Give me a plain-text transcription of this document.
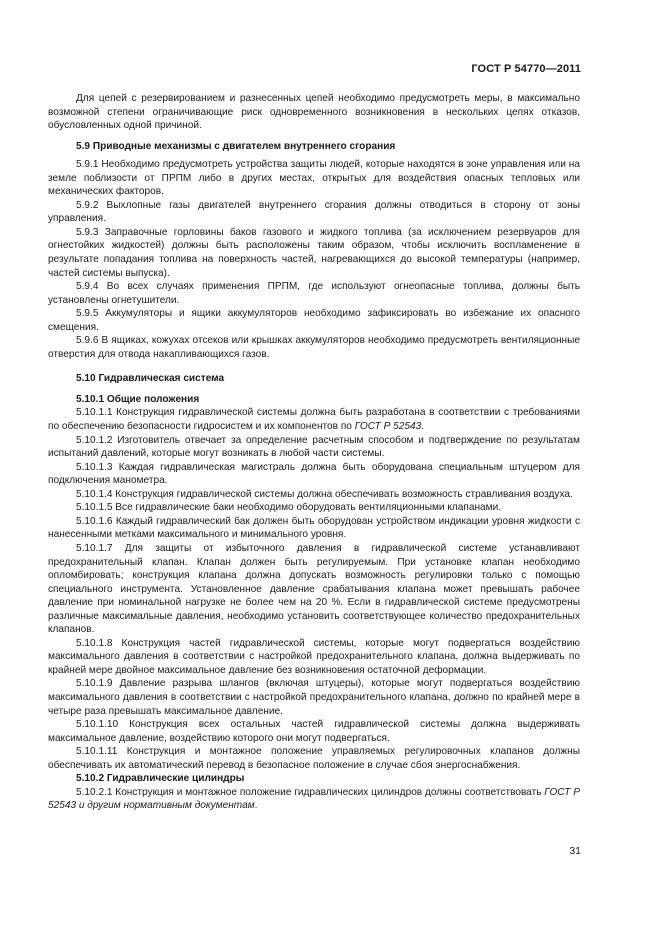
ГОСТ Р 54770—2011

Для цепей с резервированием и разнесенных цепей необходимо предусмотреть меры, в максимально возможной степени ограничивающие риск одновременного возникновения в нескольких цепях отказов, обусловленных одной причиной.

5.9 Приводные механизмы с двигателем внутреннего сгорания

5.9.1 Необходимо предусмотреть устройства защиты людей, которые находятся в зоне управления или на земле поблизости от ПРПМ либо в других местах, открытых для воздействия опасных тепловых или механических факторов.

5.9.2 Выхлопные газы двигателей внутреннего сгорания должны отводиться в сторону от зоны управления.

5.9.3 Заправочные горловины баков газового и жидкого топлива (за исключением резервуаров для огнестойких жидкостей) должны быть расположены таким образом, чтобы исключить воспламенение в результате попадания топлива на поверхность частей, нагревающихся до высокой температуры (например, частей системы выпуска).

5.9.4 Во всех случаях применения ПРПМ, где используют огнеопасные топлива, должны быть установлены огнетушители.

5.9.5 Аккумуляторы и ящики аккумуляторов необходимо зафиксировать во избежание их опасного смещения.

5.9.6 В ящиках, кожухах отсеков или крышках аккумуляторов необходимо предусмотреть вентиляционные отверстия для отвода накапливающихся газов.

5.10 Гидравлическая система
5.10.1 Общие положения

5.10.1.1 Конструкция гидравлической системы должна быть разработана в соответствии с требованиями по обеспечению безопасности гидросистем и их компонентов по ГОСТ Р 52543.

5.10.1.2 Изготовитель отвечает за определение расчетным способом и подтверждение по результатам испытаний давлений, которые могут возникать в любой части системы.

5.10.1.3 Каждая гидравлическая магистраль должна быть оборудована специальным штуцером для подключения манометра.

5.10.1.4 Конструкция гидравлической системы должна обеспечивать возможность стравливания воздуха.

5.10.1.5 Все гидравлические баки необходимо оборудовать вентиляционными клапанами.

5.10.1.6 Каждый гидравлический бак должен быть оборудован устройством индикации уровня жидкости с нанесенными метками максимального и минимального уровня.

5.10.1.7 Для защиты от избыточного давления в гидравлической системе устанавливают предохранительный клапан. Клапан должен быть регулируемым. При установке клапан необходимо опломбировать; конструкция клапана должна допускать возможность регулировки только с помощью специального инструмента. Установленное давление срабатывания клапана может превышать рабочее давление при номинальной нагрузке не более чем на 20 %. Если в гидравлической системе предусмотрены различные максимальные давления, необходимо установить соответствующее количество предохранительных клапанов.

5.10.1.8 Конструкция частей гидравлической системы, которые могут подвергаться воздействию максимального давления в соответствии с настройкой предохранительного клапана, должна выдерживать по крайней мере двойное максимальное давление без возникновения остаточной деформации.

5.10.1.9 Давление разрыва шлангов (включая штуцеры), которые могут подвергаться воздействию максимального давления в соответствии с настройкой предохранительного клапана, должно по крайней мере в четыре раза превышать максимальное давление.

5.10.1.10 Конструкция всех остальных частей гидравлической системы должна выдерживать максимальное давление, воздействию которого они могут подвергаться.

5.10.1.11 Конструкция и монтажное положение управляемых регулировочных клапанов должны обеспечивать их автоматический перевод в безопасное положение в случае сбоя энергоснабжения.

5.10.2 Гидравлические цилиндры

5.10.2.1 Конструкция и монтажное положение гидравлических цилиндров должны соответствовать ГОСТ Р 52543 и другим нормативным документам.

31
